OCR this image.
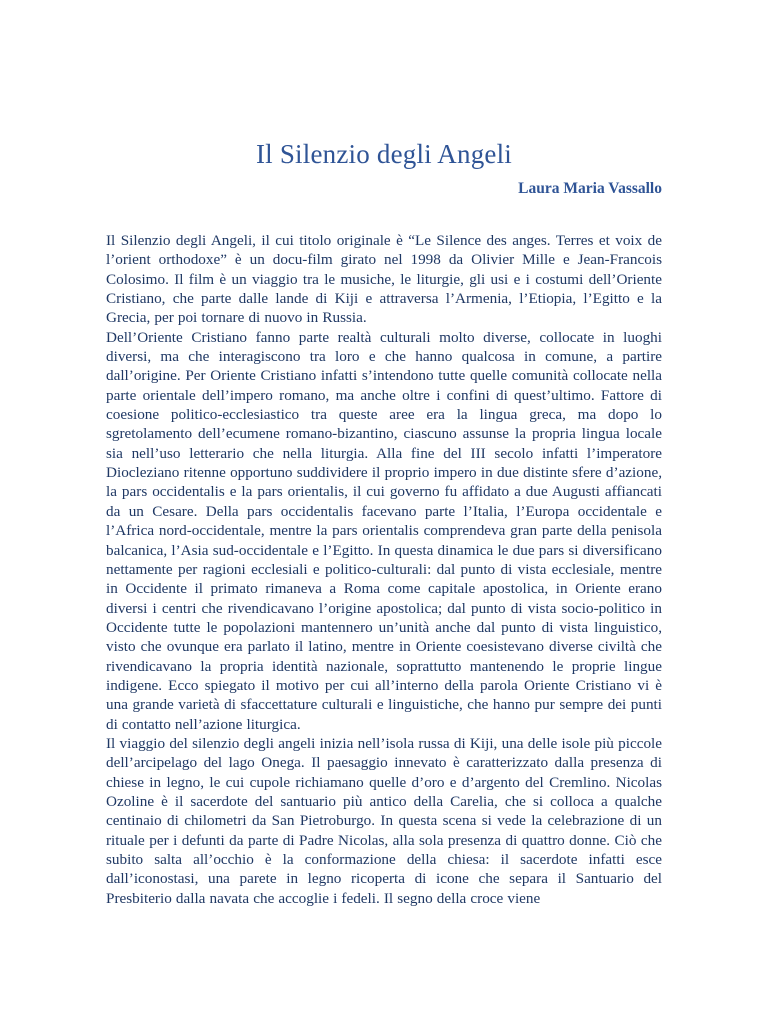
Il Silenzio degli Angeli
Laura Maria Vassallo

Il Silenzio degli Angeli, il cui titolo originale è “Le Silence des anges. Terres et voix de l’orient orthodoxe” è un docu-film girato nel 1998 da Olivier Mille e Jean-Francois Colosimo. Il film è un viaggio tra le musiche, le liturgie, gli usi e i costumi dell’Oriente Cristiano, che parte dalle lande di Kiji e attraversa l’Armenia, l’Etiopia, l’Egitto e la Grecia, per poi tornare di nuovo in Russia.

Dell’Oriente Cristiano fanno parte realtà culturali molto diverse, collocate in luoghi diversi, ma che interagiscono tra loro e che hanno qualcosa in comune, a partire dall’origine. Per Oriente Cristiano infatti s’intendono tutte quelle comunità collocate nella parte orientale dell’impero romano, ma anche oltre i confini di quest’ultimo. Fattore di coesione politico-ecclesiastico tra queste aree era la lingua greca, ma dopo lo sgretolamento dell’ecumene romano-bizantino, ciascuno assunse la propria lingua locale sia nell’uso letterario che nella liturgia. Alla fine del III secolo infatti l’imperatore Diocleziano ritenne opportuno suddividere il proprio impero in due distinte sfere d’azione, la pars occidentalis e la pars orientalis, il cui governo fu affidato a due Augusti affiancati da un Cesare. Della pars occidentalis facevano parte l’Italia, l’Europa occidentale e l’Africa nord-occidentale, mentre la pars orientalis comprendeva gran parte della penisola balcanica, l’Asia sud-occidentale e l’Egitto. In questa dinamica le due pars si diversificano nettamente per ragioni ecclesiali e politico-culturali: dal punto di vista ecclesiale, mentre in Occidente il primato rimaneva a Roma come capitale apostolica, in Oriente erano diversi i centri che rivendicavano l’origine apostolica; dal punto di vista socio-politico in Occidente tutte le popolazioni mantennero un’unità anche dal punto di vista linguistico, visto che ovunque era parlato il latino, mentre in Oriente coesistevano diverse civiltà che rivendicavano la propria identità nazionale, soprattutto mantenendo le proprie lingue indigene. Ecco spiegato il motivo per cui all’interno della parola Oriente Cristiano vi è una grande varietà di sfaccettature culturali e linguistiche, che hanno pur sempre dei punti di contatto nell’azione liturgica.

Il viaggio del silenzio degli angeli inizia nell’isola russa di Kiji, una delle isole più piccole dell’arcipelago del lago Onega. Il paesaggio innevato è caratterizzato dalla presenza di chiese in legno, le cui cupole richiamano quelle d’oro e d’argento del Cremlino. Nicolas Ozoline è il sacerdote del santuario più antico della Carelia, che si colloca a qualche centinaio di chilometri da San Pietroburgo. In questa scena si vede la celebrazione di un rituale per i defunti da parte di Padre Nicolas, alla sola presenza di quattro donne. Ciò che subito salta all’occhio è la conformazione della chiesa: il sacerdote infatti esce dall’iconostasi, una parete in legno ricoperta di icone che separa il Santuario del Presbiterio dalla navata che accoglie i fedeli. Il segno della croce viene
